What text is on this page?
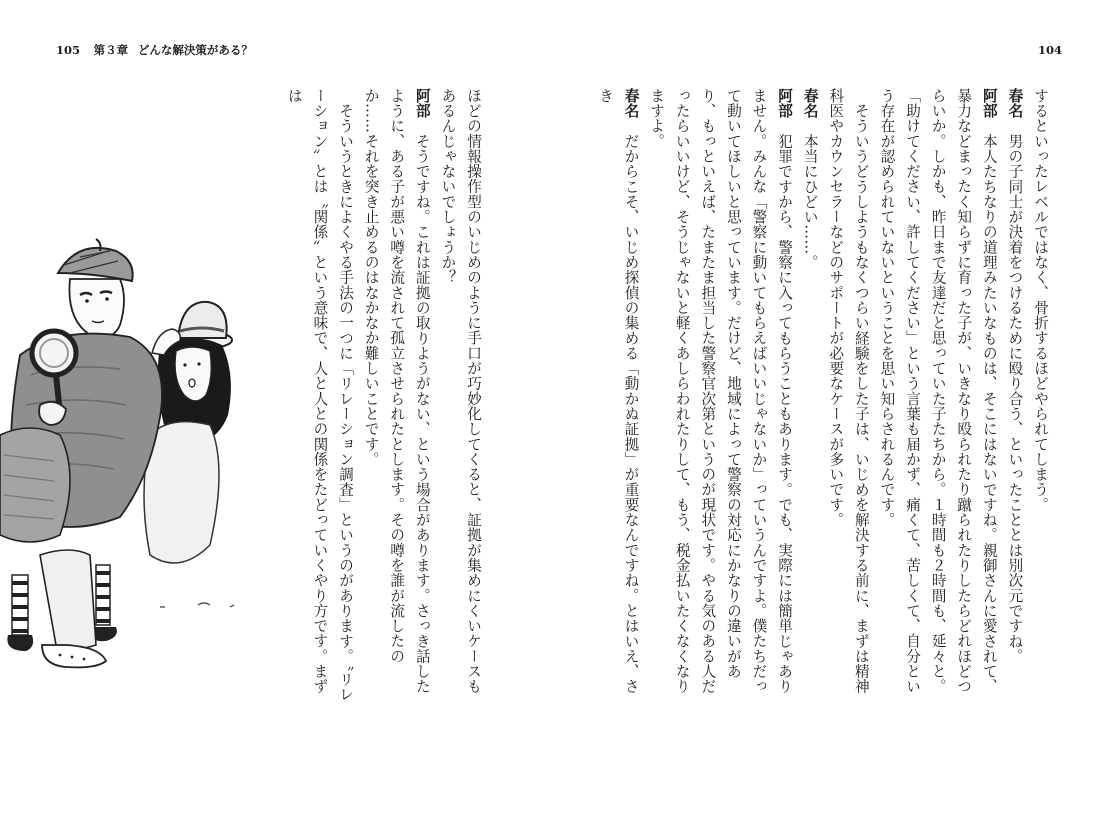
105 第３章 どんな解決策がある？	104

するといったレベルではなく、骨折するほどやられてしまう。

春名　男の子同士が決着をつけるために殴り合う、といったこととは別次元ですね。

阿部　本人たちなりの道理みたいなものは、そこにはないですね。親御さんに愛されて、暴力などまったく知らずに育った子が、いきなり殴られたり蹴られたりしたらどれほどつらいか。しかも、昨日まで友達だと思っていた子たちから。１時間も２時間も、延々と。「助けてください、許してください」という言葉も届かず、痛くて、苦しくて、自分という存在が認められていないということを思い知らされるんです。

　そういうどうしようもなくつらい経験をした子は、いじめを解決する前に、まずは精神科医やカウンセラーなどのサポートが必要なケースが多いです。

春名　本当にひどい……。

阿部　犯罪ですから、警察に入ってもらうこともあります。でも、実際には簡単じゃありません。みんな「警察に動いてもらえばいいじゃないか」っていうんですよ。僕たちだって動いてほしいと思っています。だけど、地域によって警察の対応にかなりの違いがあり、もっといえば、たまたま担当した警察官次第というのが現状です。やる気のある人だったらいいけど、そうじゃないと軽くあしらわれたりして、もう、税金払いたくなくなりますよ。

春名　だからこそ、いじめ探偵の集める「動かぬ証拠」が重要なんですね。とはいえ、さき

ほどの情報操作型のいじめのように手口が巧妙化してくると、証拠が集めにくいケースもあるんじゃないでしょうか？

阿部　そうですね。これは証拠の取りようがない、という場合があります。さっき話したように、ある子が悪い噂を流されて孤立させられたとします。その噂を誰が流したのか……それを突き止めるのはなかなか難しいことです。

　そういうときによくやる手法の一つに「リレーション調査」というのがあります。〝リレーション〟とは〝関係〟という意味で、人と人との関係をたどっていくやり方です。まずは
